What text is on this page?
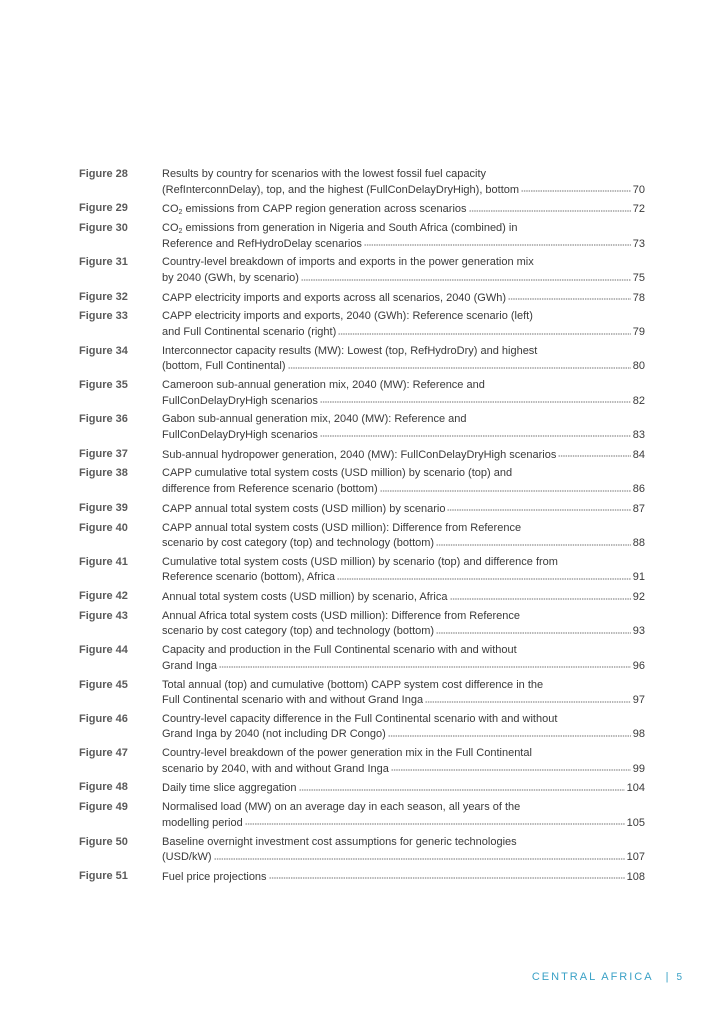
Figure 28	Results by country for scenarios with the lowest fossil fuel capacity
(RefInterconnDelay), top, and the highest (FullConDelayDryHigh), bottom	70
Figure 29	$CO_2$ emissions from CAPP region generation across scenarios	72
Figure 30	$CO_2$ emissions from generation in Nigeria and South Africa (combined) in
Reference and RefHydroDelay scenarios	73
Figure 31	Country-level breakdown of imports and exports in the power generation mix
by 2040 (GWh, by scenario)	75
Figure 32	CAPP electricity imports and exports across all scenarios, 2040 (GWh)	78
Figure 33	CAPP electricity imports and exports, 2040 (GWh): Reference scenario (left)
and Full Continental scenario (right)	79
Figure 34	Interconnector capacity results (MW): Lowest (top, RefHydroDry) and highest
(bottom, Full Continental)	80
Figure 35	Cameroon sub-annual generation mix, 2040 (MW): Reference and
FullConDelayDryHigh scenarios	82
Figure 36	Gabon sub-annual generation mix, 2040 (MW): Reference and
FullConDelayDryHigh scenarios	83
Figure 37	Sub-annual hydropower generation, 2040 (MW): FullConDelayDryHigh scenarios	84
Figure 38	CAPP cumulative total system costs (USD million) by scenario (top) and
difference from Reference scenario (bottom)	86
Figure 39	CAPP annual total system costs (USD million) by scenario	87
Figure 40	CAPP annual total system costs (USD million): Difference from Reference
scenario by cost category (top) and technology (bottom)	88
Figure 41	Cumulative total system costs (USD million) by scenario (top) and difference from
Reference scenario (bottom), Africa	91
Figure 42	Annual total system costs (USD million) by scenario, Africa	92
Figure 43	Annual Africa total system costs (USD million): Difference from Reference
scenario by cost category (top) and technology (bottom)	93
Figure 44	Capacity and production in the Full Continental scenario with and without
Grand Inga	96
Figure 45	Total annual (top) and cumulative (bottom) CAPP system cost difference in the
Full Continental scenario with and without Grand Inga	97
Figure 46	Country-level capacity difference in the Full Continental scenario with and without
Grand Inga by 2040 (not including DR Congo)	98
Figure 47	Country-level breakdown of the power generation mix in the Full Continental
scenario by 2040, with and without Grand Inga	99
Figure 48	Daily time slice aggregation	104
Figure 49	Normalised load (MW) on an average day in each season, all years of the
modelling period	105
Figure 50	Baseline overnight investment cost assumptions for generic technologies
(USD/kW)	107
Figure 51	Fuel price projections	108
CENTRAL AFRICA | 5
